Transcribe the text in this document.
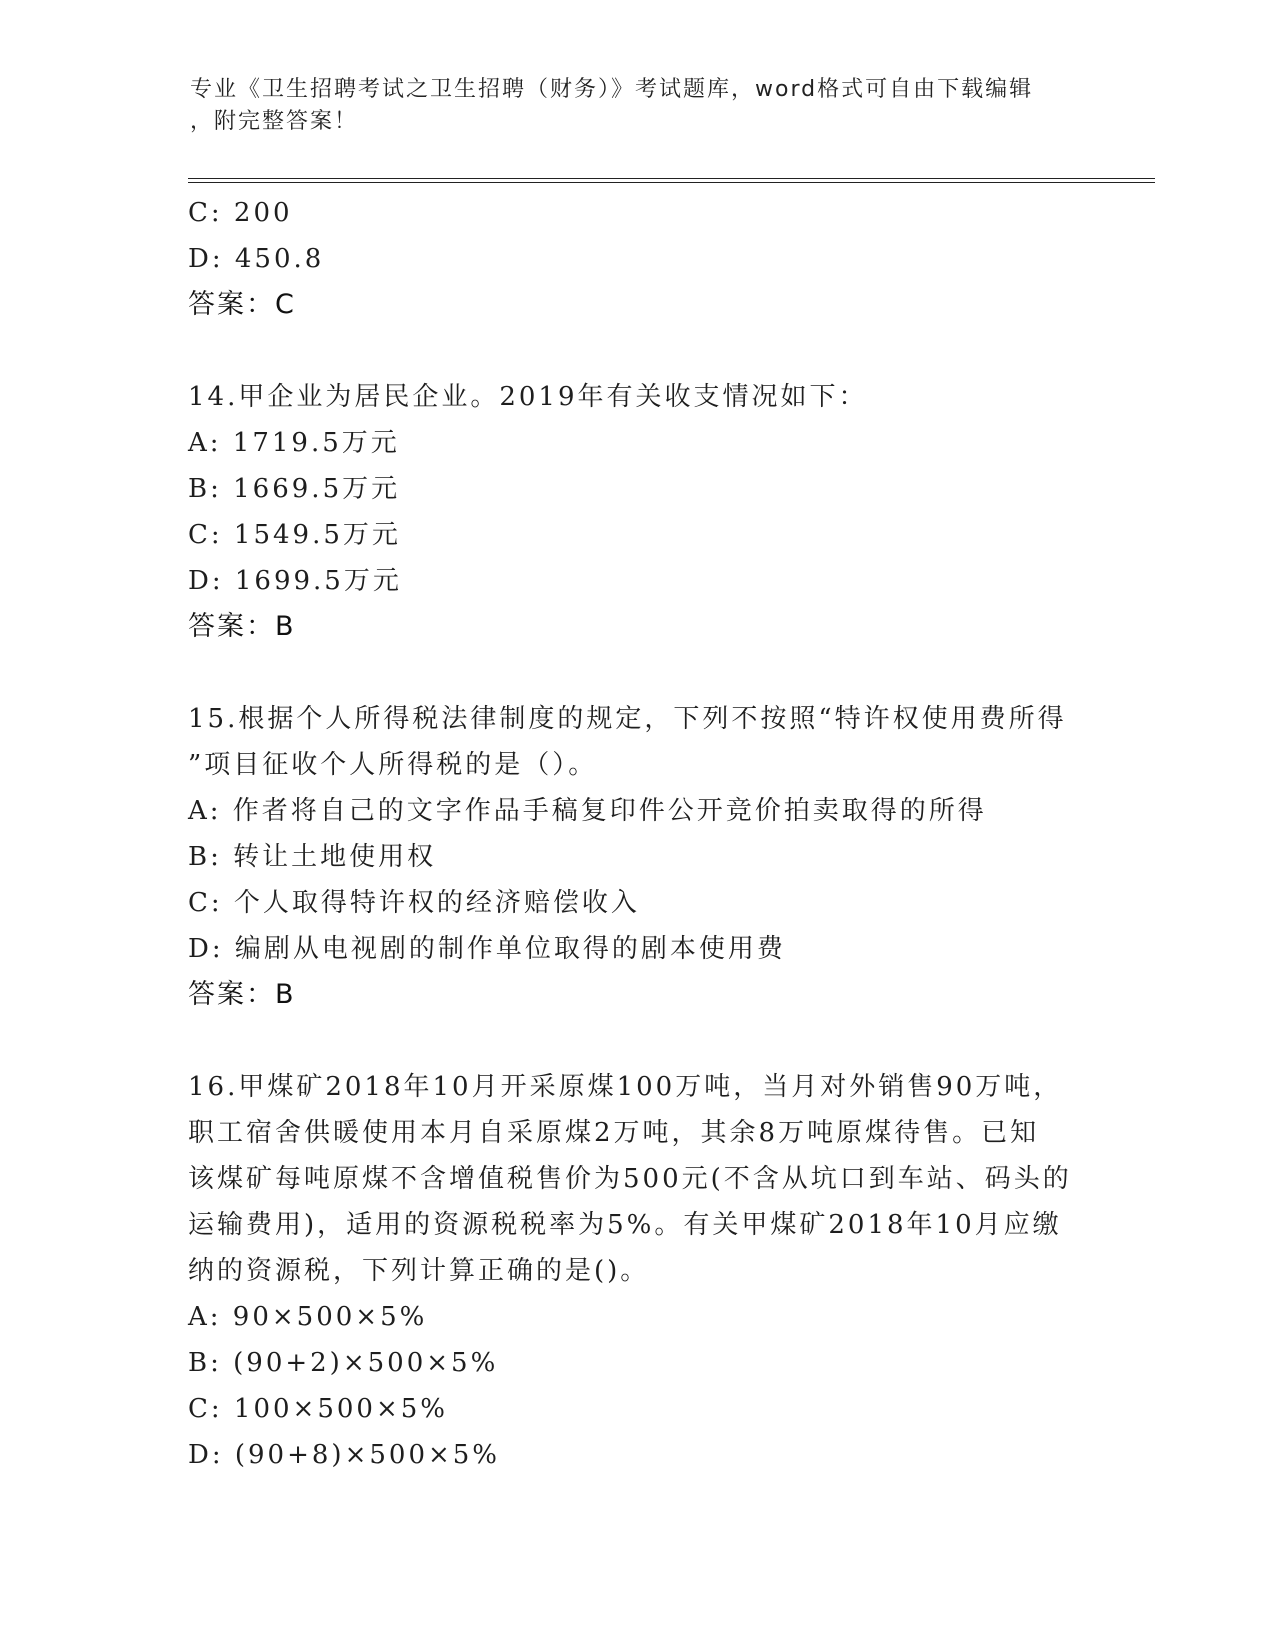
专业《卫生招聘考试之卫生招聘（财务）》考试题库，word格式可自由下载编辑
，附完整答案！
C: 200
D: 450.8
答案：C
14.甲企业为居民企业。2019年有关收支情况如下：
A: 1719.5万元
B: 1669.5万元
C: 1549.5万元
D: 1699.5万元
答案：B
15.根据个人所得税法律制度的规定，下列不按照“特许权使用费所得
”项目征收个人所得税的是（）。
A: 作者将自己的文字作品手稿复印件公开竞价拍卖取得的所得
B: 转让土地使用权
C: 个人取得特许权的经济赔偿收入
D: 编剧从电视剧的制作单位取得的剧本使用费
答案：B
16.甲煤矿2018年10月开采原煤100万吨，当月对外销售90万吨，
职工宿舍供暖使用本月自采原煤2万吨，其余8万吨原煤待售。已知
该煤矿每吨原煤不含增值税售价为500元(不含从坑口到车站、码头的
运输费用)，适用的资源税税率为5%。有关甲煤矿2018年10月应缴
纳的资源税，下列计算正确的是()。
A: 90×500×5%
B: (90+2)×500×5%
C: 100×500×5%
D: (90+8)×500×5%
